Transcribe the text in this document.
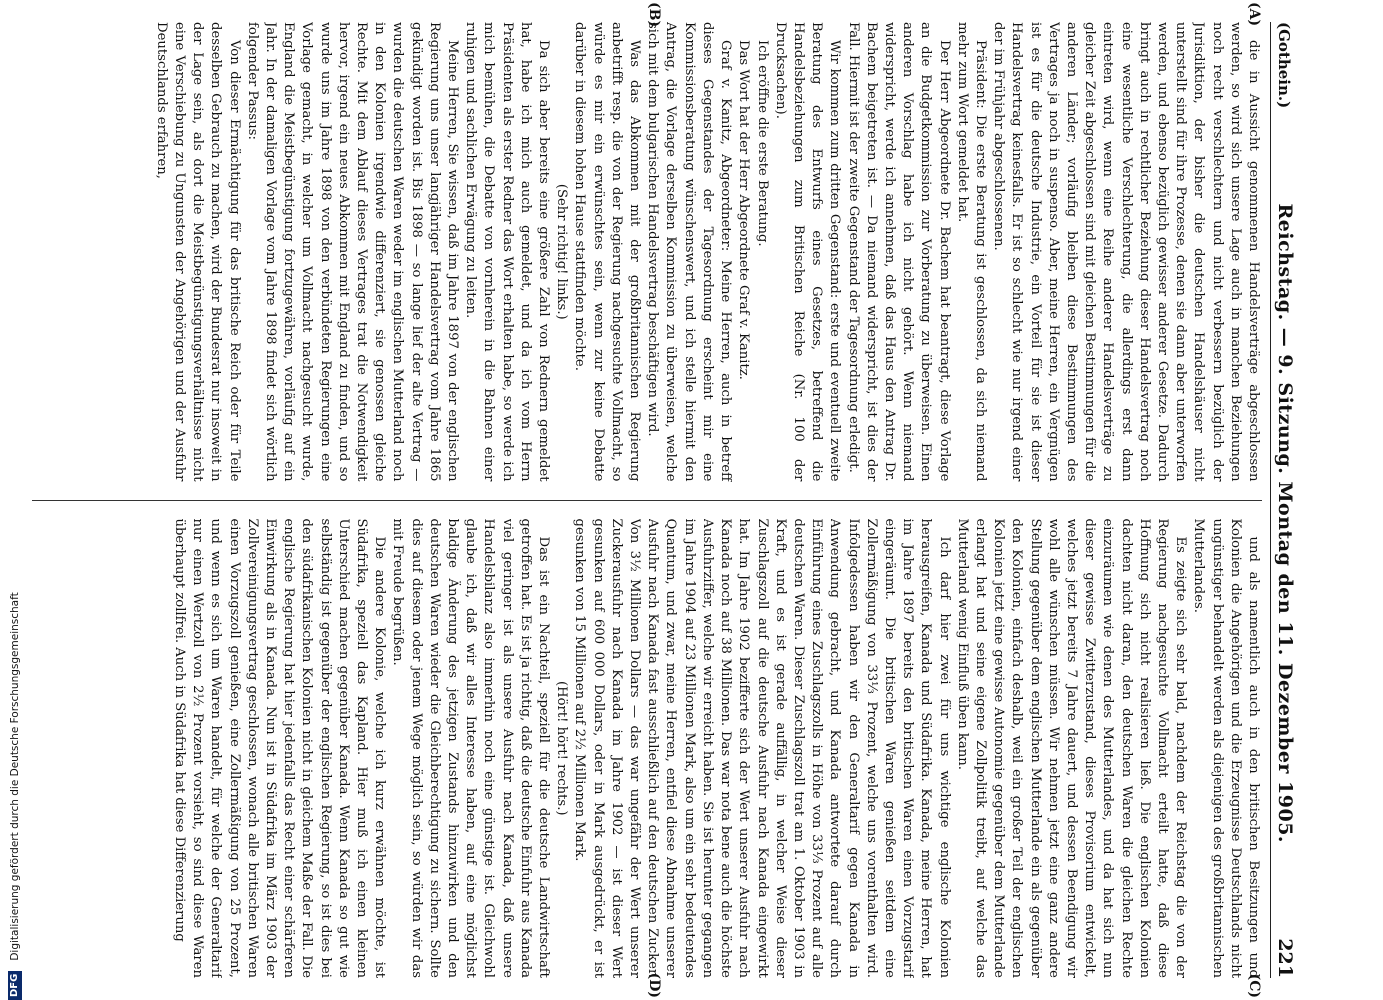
(Gothein.)
Reichstag. — 9. Sitzung. Montag den 11. Dezember 1905.
221
(A)
(B)
(C)
(D)

die in Aussicht genommenen Handelsverträge abgeschlossen werden, so wird sich unsere Lage auch in manchen Beziehungen noch recht verschlechtern und nicht verbessern bezüglich der Jurisdiktion, der bisher die deutschen Handelshäuser nicht unterstellt sind für ihre Prozesse, denen sie dann aber unterworfen werden, und ebenso bezüglich gewisser anderer Gesetze. Dadurch bringt auch in rechtlicher Beziehung dieser Handelsvertrag noch eine wesentliche Verschlechterung, die allerdings erst dann eintreten wird, wenn eine Reihe anderer Handelsverträge zu gleicher Zeit abgeschlossen sind mit gleichen Bestimmungen für die anderen Länder; vorläufig bleiben diese Bestimmungen des Vertrages ja noch in suspenso. Aber, meine Herren, ein Vergnügen ist es für die deutsche Industrie, ein Vorteil für sie ist dieser Handelsvertrag keinesfalls. Er ist so schlecht wie nur irgend einer der im Frühjahr abgeschlossenen.

Präsident: Die erste Beratung ist geschlossen, da sich niemand mehr zum Wort gemeldet hat.

Der Herr Abgeordnete Dr. Bachem hat beantragt, diese Vorlage an die Budgetkommission zur Vorberatung zu überweisen. Einen anderen Vorschlag habe ich nicht gehört. Wenn niemand widerspricht, werde ich annehmen, daß das Haus den Antrag Dr. Bachem beigetreten ist. — Da niemand widerspricht, ist dies der Fall. Hiermit ist der zweite Gegenstand der Tagesordnung erledigt.

Wir kommen zum dritten Gegenstand: erste und eventuell zweite Beratung des Entwurfs eines Gesetzes, betreffend die Handelsbeziehungen zum Britischen Reiche (Nr. 100 der Drucksachen).

Ich eröffne die erste Beratung.

Das Wort hat der Herr Abgeordnete Graf v. Kanitz.

Graf v. Kanitz, Abgeordneter: Meine Herren, auch in betreff dieses Gegenstandes der Tagesordnung erscheint mir eine Kommissionsberatung wünschenswert, und ich stelle hiermit den Antrag, die Vorlage derselben Kommission zu überweisen, welche sich mit dem bulgarischen Handelsvertrag beschäftigen wird.

Was das Abkommen mit der großbritannischen Regierung anbetrifft resp. die von der Regierung nachgesuchte Vollmacht, so würde es mir ein erwünschtes sein, wenn zur keine Debatte darüber in diesem hohen Hause stattfinden möchte.

(Sehr richtig! links.)

Da sich aber bereits eine größere Zahl von Rednern gemeldet hat, habe ich mich auch gemeldet, und da ich vom Herrn Präsidenten als erster Redner das Wort erhalten habe, so werde ich mich bemühen, die Debatte von vornherein in die Bahnen einer ruhigen und sachlichen Erwägung zu leiten.

Meine Herren, Sie wissen, daß im Jahre 1897 von der englischen Regierung uns unser langjähriger Handelsvertrag vom Jahre 1865 gekündigt worden ist. Bis 1898 — so lange lief der alte Vertrag — wurden die deutschen Waren weder im englischen Mutterland noch in den Kolonien irgendwie differenziert, sie genossen gleiche Rechte. Mit dem Ablauf dieses Vertrages trat die Notwendigkeit hervor, irgend ein neues Abkommen mit England zu finden, und so wurde uns im Jahre 1898 von den verbündeten Regierungen eine Vorlage gemacht, in welcher um Vollmacht nachgesucht wurde, England die Meistbegünstigung fortzugewähren, vorläufig auf ein Jahr. In der damaligen Vorlage vom Jahre 1898 findet sich wörtlich folgender Passus:

Von dieser Ermächtigung für das britische Reich oder für Teile desselben Gebrauch zu machen, wird der Bundesrat nur insoweit in der Lage sein, als dort die Meistbegünstigungsverhältnisse nicht eine Verschiebung zu Ungunsten der Angehörigen und der Ausfuhr Deutschlands erfahren,

und als namentlich auch in den britischen Besitzungen und Kolonien die Angehörigen und die Erzeugnisse Deutschlands nicht ungünstiger behandelt werden als diejenigen des großbritannischen Mutterlandes.

Es zeigte sich sehr bald, nachdem der Reichstag die von der Regierung nachgesuchte Vollmacht erteilt hatte, daß diese Hoffnung sich nicht realisieren ließ. Die englischen Kolonien dachten nicht daran, den deutschen Waren die gleichen Rechte einzuräumen wie denen des Mutterlandes, und da hat sich nun dieser gewisse Zwitterzustand, dieses Provisorium entwickelt, welches jetzt bereits 7 Jahre dauert, und dessen Beendigung wir wohl alle wünschen müssen. Wir nehmen jetzt eine ganz andere Stellung gegenüber dem englischen Mutterlande ein als gegenüber den Kolonien, einfach deshalb, weil ein großer Teil der englischen Kolonien jetzt eine gewisse Autonomie gegenüber dem Mutterlande erlangt hat und seine eigene Zollpolitik treibt, auf welche das Mutterland wenig Einfluß üben kann.

Ich darf hier zwei für uns wichtige englische Kolonien herausgreifen, Kanada und Südafrika. Kanada, meine Herren, hat im Jahre 1897 bereits den britischen Waren einen Vorzugstarif eingeräumt. Die britischen Waren genießen seitdem eine Zollermäßigung von 33⅓ Prozent, welche uns vorenthalten wird. Infolgedessen haben wir den Generaltarif gegen Kanada in Anwendung gebracht, und Kanada antwortete darauf durch Einführung eines Zuschlagszolls in Höhe von 33⅓ Prozent auf alle deutschen Waren. Dieser Zuschlagszoll trat am 1. Oktober 1903 in Kraft, und es ist gerade auffällig, in welcher Weise dieser Zuschlagszoll auf die deutsche Ausfuhr nach Kanada eingewirkt hat. Im Jahre 1902 bezifferte sich der Wert unserer Ausfuhr nach Kanada noch auf 38 Millionen. Das war nota bene auch die höchste Ausfuhrziffer, welche wir erreicht haben. Sie ist herunter gegangen im Jahre 1904 auf 23 Millionen Mark, also um ein sehr bedeutendes Quantum, und zwar, meine Herren, entfiel diese Abnahme unserer Ausfuhr nach Kanada fast ausschließlich auf den deutschen Zucker. Von 3½ Millionen Dollars — das war ungefähr der Wert unserer Zuckerausfuhr nach Kanada im Jahre 1902 — ist dieser Wert gesunken auf 600 000 Dollars, oder in Mark ausgedrückt, er ist gesunken von 15 Millionen auf 2½ Millionen Mark.

(Hört! hört! rechts.)

Das ist ein Nachteil, speziell für die deutsche Landwirtschaft getroffen hat. Es ist ja richtig, daß die deutsche Einfuhr aus Kanada viel geringer ist als unsere Ausfuhr nach Kanada, daß unsere Handelsbilanz also immerhin noch eine günstige ist. Gleichwohl glaube ich, daß wir alles Interesse haben, auf eine möglichst baldige Änderung des jetzigen Zustands hinzuwirken und den deutschen Waren wieder die Gleichberechtigung zu sichern. Sollte dies auf diesem oder jenem Wege möglich sein, so würden wir das mit Freude begrüßen.

Die andere Kolonie, welche ich kurz erwähnen möchte, ist Südafrika, speziell das Kapland. Hier muß ich einen kleinen Unterschied machen gegenüber Kanada. Wenn Kanada so gut wie selbständig ist gegenüber der englischen Regierung, so ist dies bei den südafrikanischen Kolonien nicht in gleichem Maße der Fall. Die englische Regierung hat hier jedenfalls das Recht einer schärferen Einwirkung als in Kanada. Nun ist in Südafrika im März 1903 der Zollvereinigungsvertrag geschlossen, wonach alle britischen Waren einen Vorzugszoll genießen, eine Zollermäßigung von 25 Prozent, und wenn es sich um Waren handelt, für welche der Generaltarif nur einen Wertzoll von 2½ Prozent vorsieht, so sind diese Waren überhaupt zollfrei. Auch in Südafrika hat diese Differenzierung

DFG
Digitalisierung gefördert durch die Deutsche Forschungsgemeinschaft
